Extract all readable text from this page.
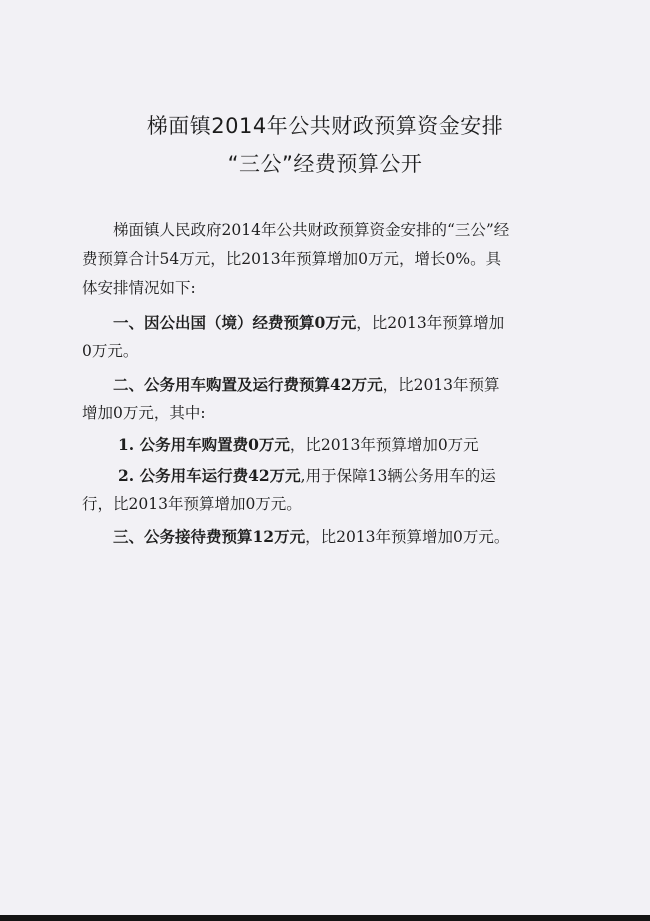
梯面镇2014年公共财政预算资金安排
“三公”经费预算公开
梯面镇人民政府2014年公共财政预算资金安排的“三公”经
费预算合计54万元，比2013年预算增加0万元，增长0%。具
体安排情况如下:
一、因公出国（境）经费预算0万元，比2013年预算增加
0万元。
二、公务用车购置及运行费预算42万元，比2013年预算
增加0万元，其中:
1. 公务用车购置费0万元，比2013年预算增加0万元
2. 公务用车运行费42万元,用于保障13辆公务用车的运
行，比2013年预算增加0万元。
三、公务接待费预算12万元，比2013年预算增加0万元。
